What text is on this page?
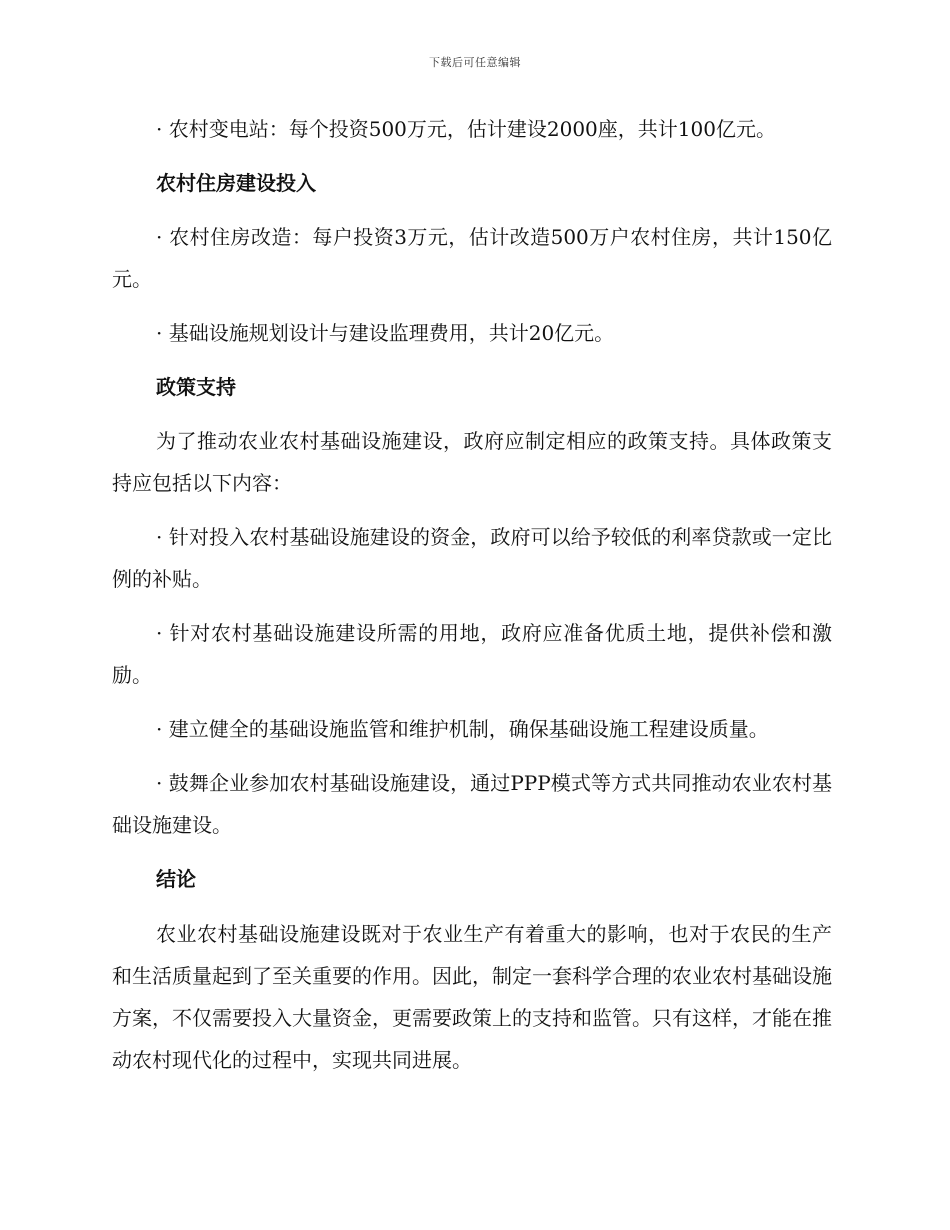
下载后可任意编辑

· 农村变电站：每个投资500万元，估计建设2000座，共计100亿元。

农村住房建设投入

· 农村住房改造：每户投资3万元，估计改造500万户农村住房，共计150亿元。

· 基础设施规划设计与建设监理费用，共计20亿元。

政策支持

为了推动农业农村基础设施建设，政府应制定相应的政策支持。具体政策支持应包括以下内容：

· 针对投入农村基础设施建设的资金，政府可以给予较低的利率贷款或一定比例的补贴。

· 针对农村基础设施建设所需的用地，政府应准备优质土地，提供补偿和激励。

· 建立健全的基础设施监管和维护机制，确保基础设施工程建设质量。

· 鼓舞企业参加农村基础设施建设，通过PPP模式等方式共同推动农业农村基础设施建设。

结论

农业农村基础设施建设既对于农业生产有着重大的影响，也对于农民的生产和生活质量起到了至关重要的作用。因此，制定一套科学合理的农业农村基础设施方案，不仅需要投入大量资金，更需要政策上的支持和监管。只有这样，才能在推动农村现代化的过程中，实现共同进展。
